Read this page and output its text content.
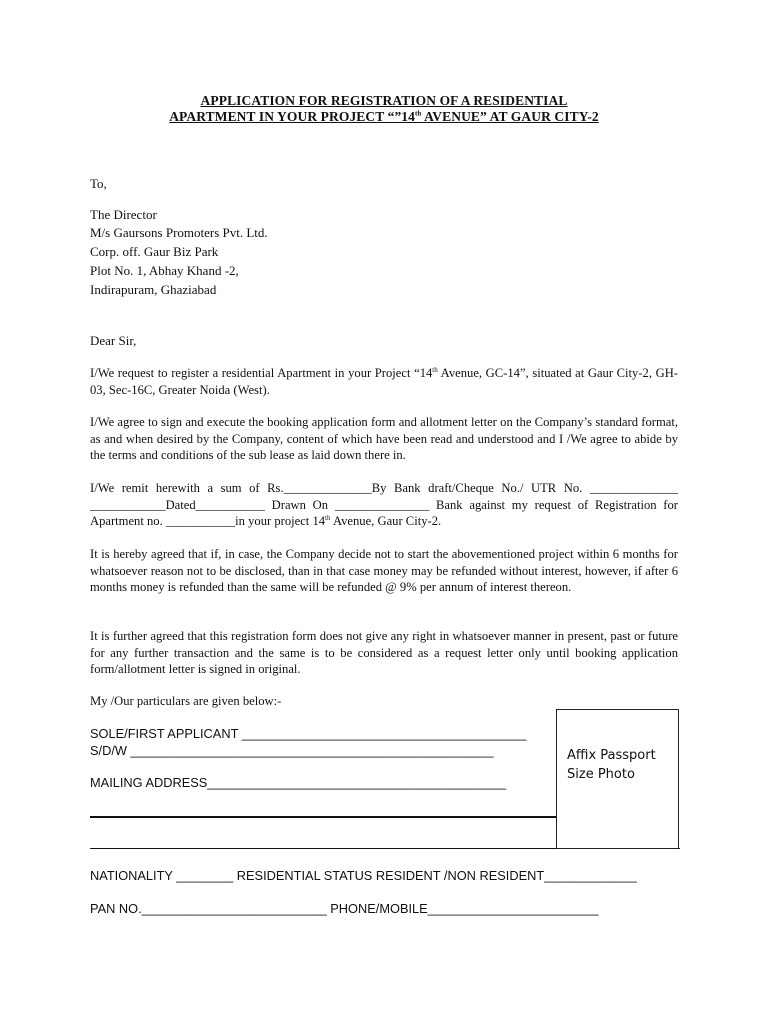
APPLICATION FOR REGISTRATION OF A RESIDENTIAL
APARTMENT IN YOUR PROJECT “”14th AVENUE” AT GAUR CITY-2
To,
The Director
M/s Gaursons Promoters Pvt. Ltd.
Corp. off. Gaur Biz Park
Plot No. 1, Abhay Khand -2,
Indirapuram, Ghaziabad
Dear Sir,
I/We request to register a residential Apartment in your Project “14th Avenue, GC-14”, situated at Gaur City-2, GH-03, Sec-16C, Greater Noida (West).
I/We agree to sign and execute the booking application form and allotment letter on the Company’s standard format, as and when desired by the Company, content of which have been read and understood and I /We agree to abide by the terms and conditions of the sub lease as laid down there in.
I/We remit herewith a sum of Rs.______________By Bank draft/Cheque No./ UTR No. ______________ ____________Dated___________ Drawn On _______________ Bank against my request of Registration for Apartment no. ___________in your project 14th Avenue, Gaur City-2.
It is hereby agreed that if, in case, the Company decide not to start the abovementioned project within 6 months for whatsoever reason not to be disclosed, than in that case money may be refunded without interest, however, if after 6 months money is refunded than the same will be refunded @ 9% per annum of interest thereon.
It is further agreed that this registration form does not give any right in whatsoever manner in present, past or future for any further transaction and the same is to be considered as a request letter only until booking application form/allotment letter is signed in original.
My /Our particulars are given below:-
SOLE/FIRST APPLICANT ________________________________________
S/D/W ___________________________________________________
MAILING ADDRESS__________________________________________
Affix Passport
Size Photo
NATIONALITY ________ RESIDENTIAL STATUS RESIDENT /NON RESIDENT_____________
PAN NO.__________________________ PHONE/MOBILE________________________
